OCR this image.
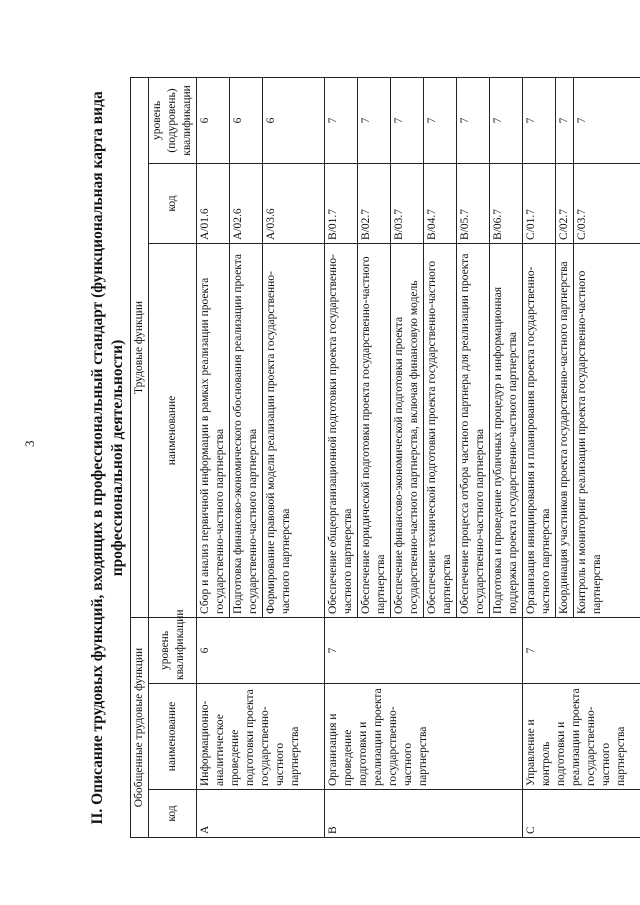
3	II. Описание трудовых функций, входящих в профессиональный стандарт (функциональная карта вида профессиональной деятельности)
Обобщенные трудовые функции			Трудовые функции		
код	наименование	уровень квалификации	наименование	код	уровень (подуровень) квалификации
A	Информационно-аналитическое проведение подготовки проекта государственно-частного партнерства	6	Сбор и анализ первичной информации в рамках реализации проекта государственно-частного партнерства	A/01.6	6
			Подготовка финансово-экономического обоснования реализации проекта государственно-частного партнерства	A/02.6	6
			Формирование правовой модели реализации проекта государственно-частного партнерства	A/03.6	6
B	Организация и проведение подготовки и реализации проекта государственно-частного партнерства	7	Обеспечение общеорганизационной подготовки проекта государственно-частного партнерства	B/01.7	7
			Обеспечение юридической подготовки проекта государственно-частного партнерства	B/02.7	7
			Обеспечение финансово-экономической подготовки проекта государственно-частного партнерства, включая финансовую модель	B/03.7	7
			Обеспечение технической подготовки проекта государственно-частного партнерства	B/04.7	7
			Обеспечение процесса отбора частного партнера для реализации проекта государственно-частного партнерства	B/05.7	7
			Подготовка и проведение публичных процедур и информационная поддержка проекта государственно-частного партнерства	B/06.7	7
C	Управление и контроль подготовки и реализации проекта государственно-частного партнерства	7	Организация инициирования и планирования проекта государственно-частного партнерства	C/01.7	7
			Координация участников проекта государственно-частного партнерства	C/02.7	7
			Контроль и мониторинг реализации проекта государственно-частного партнерства	C/03.7	7
